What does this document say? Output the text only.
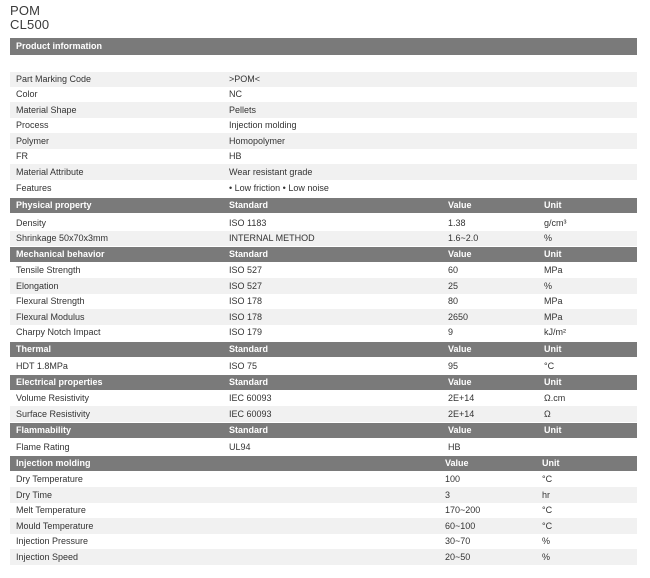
POM
CL500
Product information
Part Marking Code	>POM<
Color	NC
Material Shape	Pellets
Process	Injection molding
Polymer	Homopolymer
FR	HB
Material Attribute	Wear resistant grade
Features	• Low friction • Low noise
Physical property	Standard	Value	Unit
Density	ISO 1183	1.38	g/cm³
Shrinkage 50x70x3mm	INTERNAL METHOD	1.6~2.0	%
Mechanical behavior	Standard	Value	Unit
Tensile Strength	ISO 527	60	MPa
Elongation	ISO 527	25	%
Flexural Strength	ISO 178	80	MPa
Flexural Modulus	ISO 178	2650	MPa
Charpy Notch Impact	ISO 179	9	kJ/m²
Thermal	Standard	Value	Unit
HDT 1.8MPa	ISO 75	95	°C
Electrical properties	Standard	Value	Unit
Volume Resistivity	IEC 60093	2E+14	Ω.cm
Surface Resistivity	IEC 60093	2E+14	Ω
Flammability	Standard	Value	Unit
Flame Rating	UL94	HB
Injection molding	Value	Unit
Dry Temperature	100	°C
Dry Time	3	hr
Melt Temperature	170~200	°C
Mould Temperature	60~100	°C
Injection Pressure	30~70	%
Injection Speed	20~50	%
